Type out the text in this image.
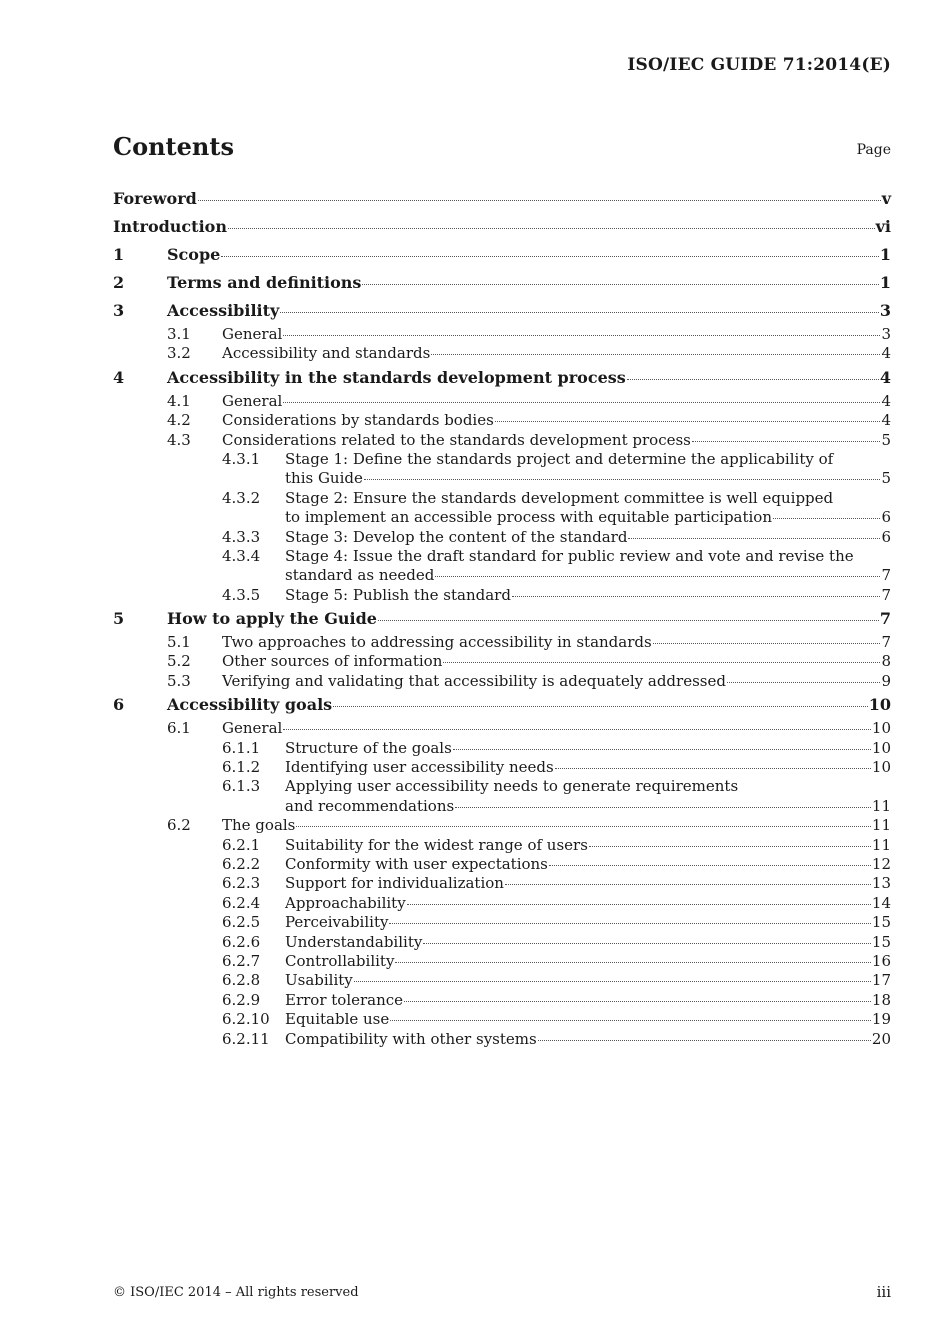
ISO/IEC GUIDE 71:2014(E)
Contents	Page
Foreword	v
Introduction	vi
1	Scope	1
2	Terms and definitions	1
3	Accessibility	3
3.1	General	3
3.2	Accessibility and standards	4
4	Accessibility in the standards development process	4
4.1	General	4
4.2	Considerations by standards bodies	4
4.3	Considerations related to the standards development process	5
4.3.1	Stage 1: Define the standards project and determine the applicability of
this Guide	5
4.3.2	Stage 2: Ensure the standards development committee is well equipped
to implement an accessible process with equitable participation	6
4.3.3	Stage 3: Develop the content of the standard	6
4.3.4	Stage 4: Issue the draft standard for public review and vote and revise the
standard as needed	7
4.3.5	Stage 5: Publish the standard	7
5	How to apply the Guide	7
5.1	Two approaches to addressing accessibility in standards	7
5.2	Other sources of information	8
5.3	Verifying and validating that accessibility is adequately addressed	9
6	Accessibility goals	10
6.1	General	10
6.1.1	Structure of the goals	10
6.1.2	Identifying user accessibility needs	10
6.1.3	Applying user accessibility needs to generate requirements
and recommendations	11
6.2	The goals	11
6.2.1	Suitability for the widest range of users	11
6.2.2	Conformity with user expectations	12
6.2.3	Support for individualization	13
6.2.4	Approachability	14
6.2.5	Perceivability	15
6.2.6	Understandability	15
6.2.7	Controllability	16
6.2.8	Usability	17
6.2.9	Error tolerance	18
6.2.10	Equitable use	19
6.2.11	Compatibility with other systems	20
© ISO/IEC 2014 – All rights reserved	iii
